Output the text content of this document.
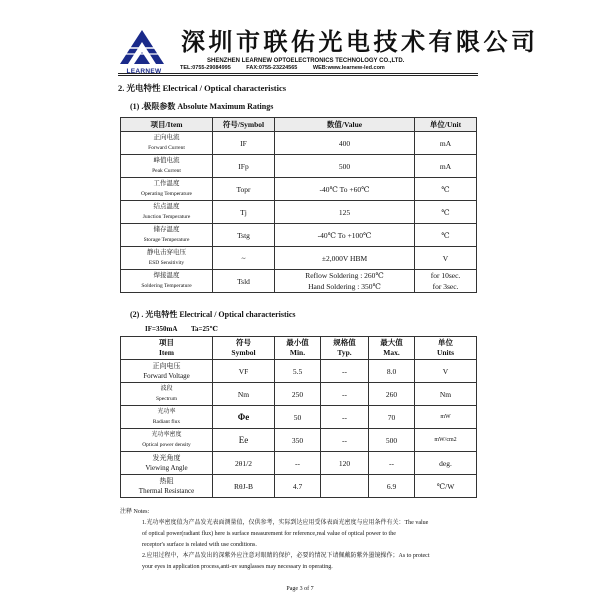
LEARNEW
深圳市联佑光电技术有限公司
SHENZHEN LEARNEW OPTOELECTRONICS TECHNOLOGY CO.,LTD.
TEL:0755-29084995	FAX:0755-23224565	WEB:www.learnew-led.com
2. 光电特性 Electrical / Optical characteristics
(1) .极限参数 Absolute Maximum Ratings
项目/Item	符号/Symbol	数值/Value	单位/Unit

正向电流
Forward Current	IF	400	mA

峰值电流
Peak Current	IFp	500	mA

工作温度
Operating Temperature	Topr	-40℃ To +60℃	℃

结点温度
Junction Temperature	Tj	125	℃

储存温度
Storage Temperature	Tstg	-40℃ To +100℃	℃

静电击穿电压
ESD Sensitivity	~	±2,000V HBM	V

焊接温度
Soldering Temperature	Tsld	Reflow Soldering : 260℃
Hand Soldering : 350℃	for 10sec.
for 3sec.
(2) . 光电特性 Electrical / Optical characteristics
IF=350mA Ta=25℃
项目
Item	符号
Symbol	最小值
Min.	规格值
Typ.	最大值
Max.	单位
Units

正向电压
Forward Voltage	VF	5.5	--	8.0	V

波段
Spectrum	Nm	250	--	260	Nm

光功率
Radiant flux	Φe	50	--	70	mW

光功率密度
Optical power density	Ee	350	--	500	mW/cm2

发光角度
Viewing Angle	2θ1/2	--	120	--	deg.

热阻
Thermal Resistance	RθJ-B	4.7		6.9	℃/W
注释 Notes:
1.光功率密度值为产品发光表面测量值，仅供参考，实际到达应用受体表面光密度与应用条件有关：The value
of optical power(radiant flux) here is surface measurement for reference,real value of optical power to the
receptor's surface is related with use conditions.
2.应用过程中，本产品发出的深紫外应注意对眼睛的保护，必要的情况下请佩戴防紫外墨镜操作；As to protect
your eyes in application process,anti-uv sunglasses may necessary in operating.
Page 3 of 7
